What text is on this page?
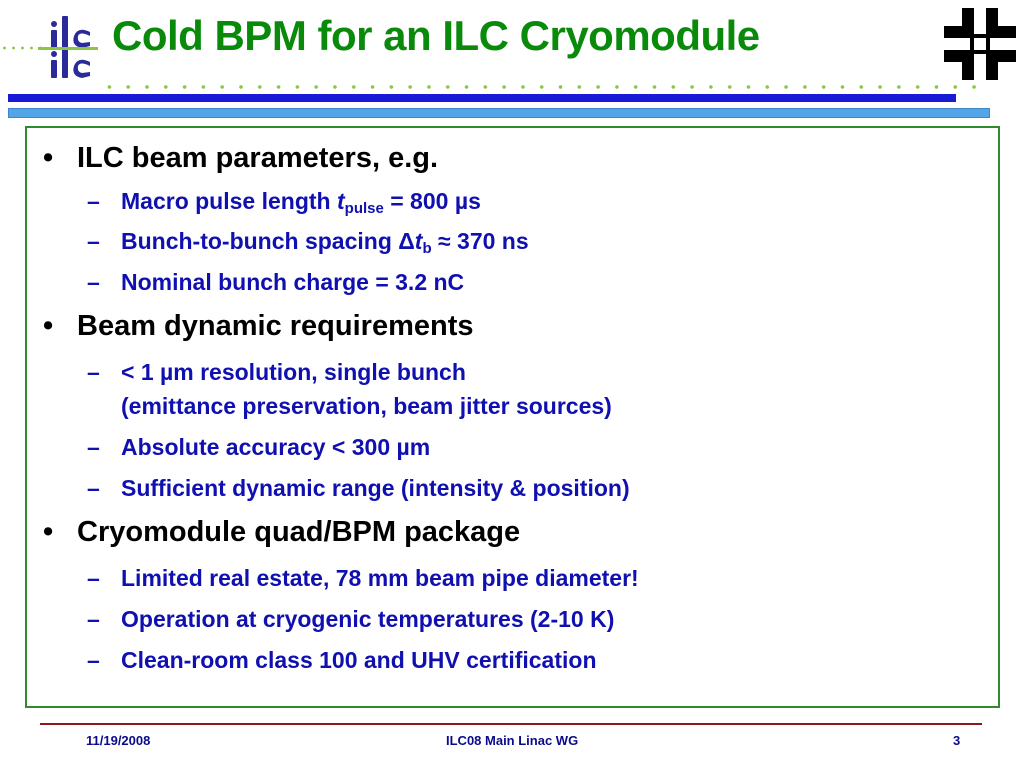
Cold BPM for an ILC Cryomodule
• ILC beam parameters, e.g.
– Macro pulse length $t_{pulse} = 800$ µs
– Bunch-to-bunch spacing $\Delta t_b \approx 370$ ns
– Nominal bunch charge = 3.2 nC
• Beam dynamic requirements
– < 1 µm resolution, single bunch
(emittance preservation, beam jitter sources)
– Absolute accuracy < 300 µm
– Sufficient dynamic range (intensity & position)
• Cryomodule quad/BPM package
– Limited real estate, 78 mm beam pipe diameter!
– Operation at cryogenic temperatures (2-10 K)
– Clean-room class 100 and UHV certification
11/19/2008	ILC08 Main Linac WG	3
